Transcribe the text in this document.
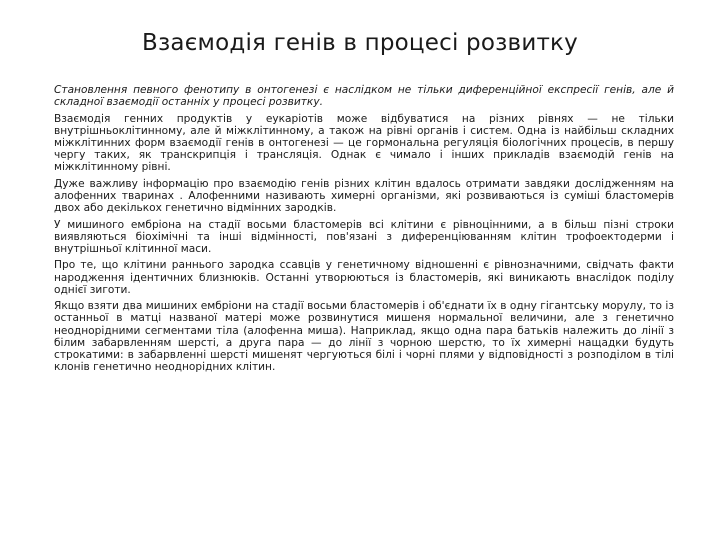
Взаємодія генів в процесі розвитку

Становлення певного фенотипу в онтогенезі є наслідком не тільки диференційної експресії генів, але й складної взаємодії останніх у процесі розвитку.

Взаємодія генних продуктів у еукаріотів може відбуватися на різних рівнях — не тільки внутрішньоклітинному, але й міжклітинному, а також на рівні органів і систем. Одна із найбільш складних міжклітинних форм взаємодії генів в онтогенезі — це гормональна регуляція біологічних процесів, в першу чергу таких, як транскрипція і трансляція. Однак є чимало і інших прикладів взаємодій генів на міжклітинному рівні.

Дуже важливу інформацію про взаємодію генів різних клітин вдалось отримати завдяки дослідженням на алофенних тваринах . Алофенними називають химерні організми, які розвиваються із суміші бластомерів двох або декількох генетично відмінних зародків.

У мишиного ембріона на стадії восьми бластомерів всі клітини є рівноцінними, а в більш пізні строки виявляються біохімічні та інші відмінності, пов'язані з диференціюванням клітин трофоектодерми і внутрішньої клітинної маси.

Про те, що клітини раннього зародка ссавців у генетичному відношенні є рівнозначними, свідчать факти народження ідентичних близнюків. Останні утворюються із бластомерів, які виникають внаслідок поділу однієї зиготи.

Якщо взяти два мишиних ембріони на стадії восьми бластомерів і об'єднати їх в одну гігантську морулу, то із останньої в матці названої матері може розвинутися мишеня нормальної величини, але з генетично неоднорідними сегментами тіла (алофенна миша). Наприклад, якщо одна пара батьків належить до лінії з білим забарвленням шерсті, а друга пара — до лінії з чорною шерстю, то їх химерні нащадки будуть строкатими: в забарвленні шерсті мишенят чергуються білі і чорні плями у відповідності з розподілом в тілі клонів генетично неоднорідних клітин.
